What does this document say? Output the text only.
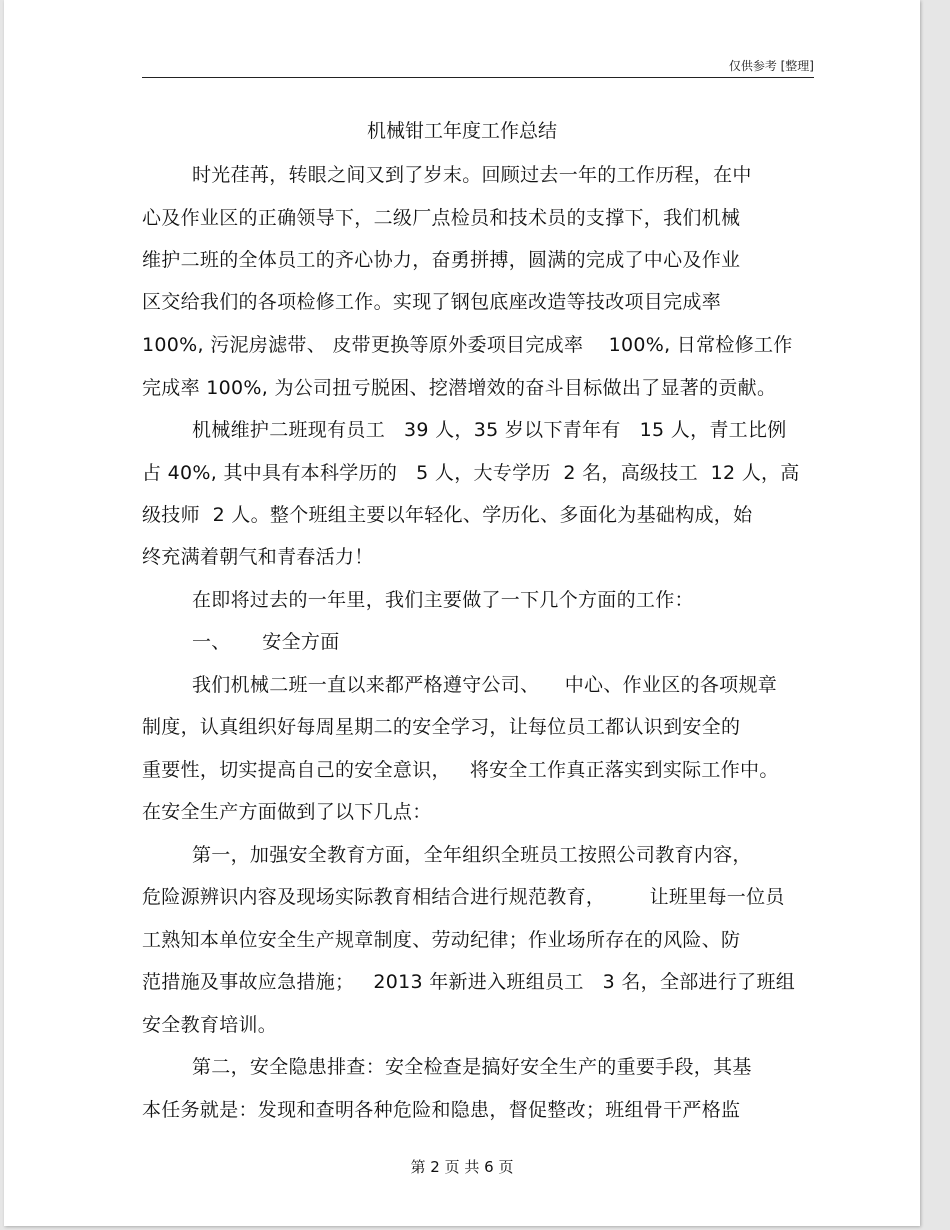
仅供参考 [整理]
机械钳工年度工作总结
时光荏苒，转眼之间又到了岁末。回顾过去一年的工作历程，在中
心及作业区的正确领导下，二级厂点检员和技术员的支撑下，我们机械
维护二班的全体员工的齐心协力，奋勇拼搏，圆满的完成了中心及作业
区交给我们的各项检修工作。实现了钢包底座改造等技改项目完成率
100%, 污泥房滤带、 皮带更换等原外委项目完成率    100%, 日常检修工作
完成率 100%, 为公司扭亏脱困、挖潜增效的奋斗目标做出了显著的贡献。
机械维护二班现有员工   39 人，35 岁以下青年有   15 人，青工比例
占 40%, 其中具有本科学历的   5 人，大专学历  2 名，高级技工  12 人，高
级技师  2 人。整个班组主要以年轻化、学历化、多面化为基础构成，始
终充满着朝气和青春活力！
在即将过去的一年里，我们主要做了一下几个方面的工作：
一、     安全方面
我们机械二班一直以来都严格遵守公司、    中心、作业区的各项规章
制度，认真组织好每周星期二的安全学习，让每位员工都认识到安全的
重要性，切实提高自己的安全意识，   将安全工作真正落实到实际工作中。
在安全生产方面做到了以下几点：
第一，加强安全教育方面，全年组织全班员工按照公司教育内容，
危险源辨识内容及现场实际教育相结合进行规范教育，       让班里每一位员
工熟知本单位安全生产规章制度、劳动纪律；作业场所存在的风险、防
范措施及事故应急措施；   2013 年新进入班组员工   3 名，全部进行了班组
安全教育培训。
第二，安全隐患排查：安全检查是搞好安全生产的重要手段，其基
本任务就是：发现和查明各种危险和隐患，督促整改；班组骨干严格监
第 2 页 共 6 页
